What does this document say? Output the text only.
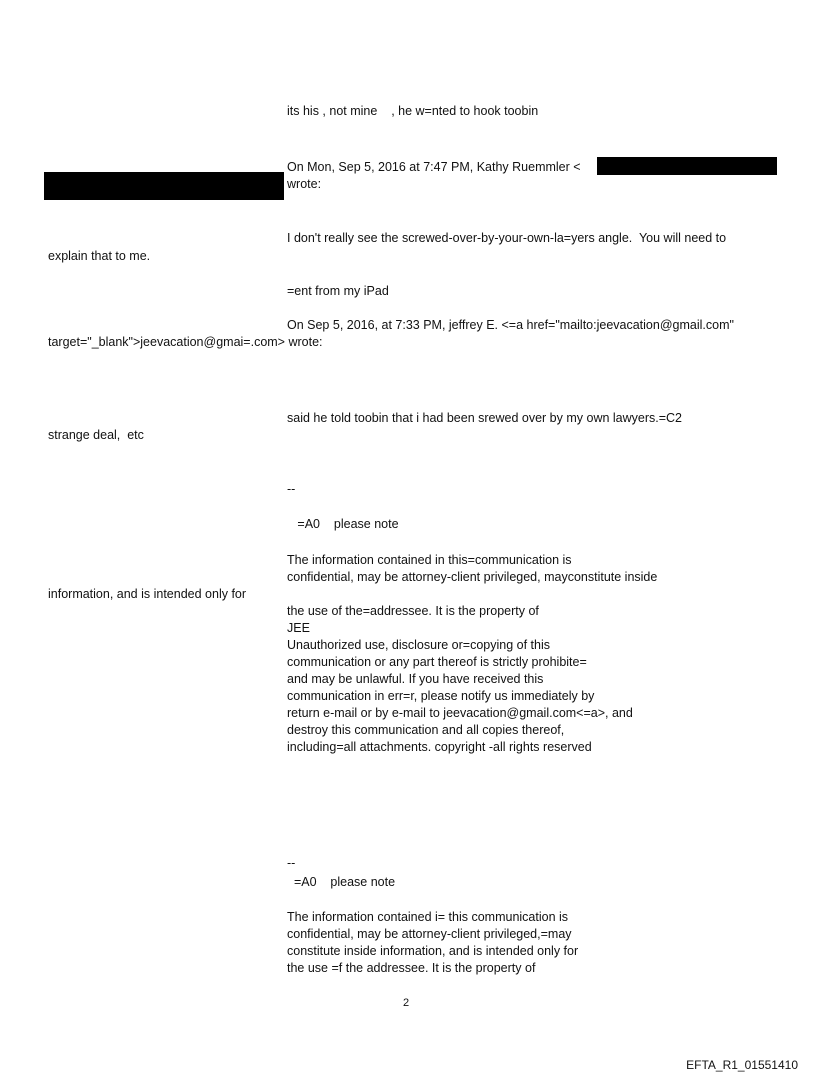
its his , not mine    , he w=nted to hook toobin
On Mon, Sep 5, 2016 at 7:47 PM, Kathy Ruemmler <
wrote:
I don't really see the screwed-over-by-your-own-la=yers angle.  You will need to
explain that to me.
=ent from my iPad
On Sep 5, 2016, at 7:33 PM, jeffrey E. <=a href="mailto:jeevacation@gmail.com"
target="_blank">jeevacation@gmai=.com> wrote:
said he told toobin that i had been srewed over by my own lawyers.=C2
strange deal,  etc
--
=A0    please note
The information contained in this=communication is
confidential, may be attorney-client privileged, mayconstitute inside
information, and is intended only for
the use of the=addressee. It is the property of
JEE
Unauthorized use, disclosure or=copying of this
communication or any part thereof is strictly prohibite=
and may be unlawful. If you have received this
communication in err=r, please notify us immediately by
return e-mail or by e-mail to jeevacation@gmail.com<=a>, and
destroy this communication and all copies thereof,
including=all attachments. copyright -all rights reserved
--
=A0    please note
The information contained i= this communication is
confidential, may be attorney-client privileged,=may
constitute inside information, and is intended only for
the use =f the addressee. It is the property of
2
EFTA_R1_01551410
